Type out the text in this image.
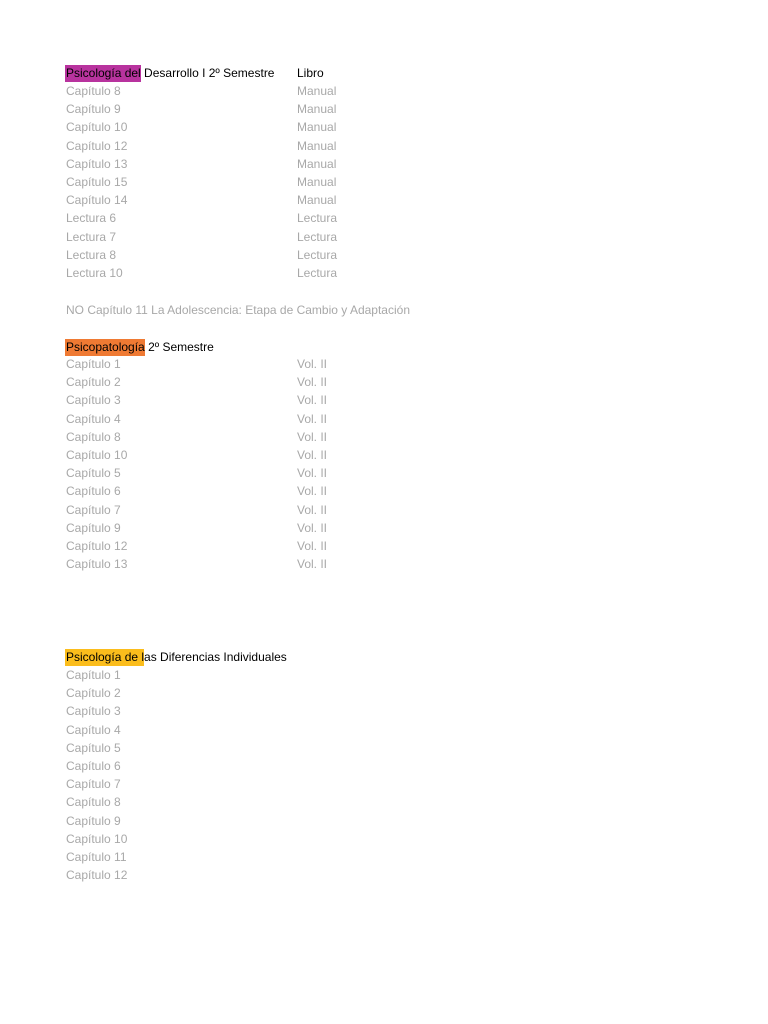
Psicología del Desarrollo I 2º Semestre Libro
Capítulo 8	Manual
Capítulo 9	Manual
Capítulo 10	Manual
Capítulo 12	Manual
Capítulo 13	Manual
Capítulo 15	Manual
Capítulo 14	Manual
Lectura 6	Lectura
Lectura 7	Lectura
Lectura 8	Lectura
Lectura 10	Lectura
NO Capítulo 11 La Adolescencia: Etapa de Cambio y Adaptación
Psicopatología 2º Semestre
Capítulo 1	Vol. II
Capítulo 2	Vol. II
Capítulo 3	Vol. II
Capítulo 4	Vol. II
Capítulo 8	Vol. II
Capítulo 10	Vol. II
Capítulo 5	Vol. II
Capítulo 6	Vol. II
Capítulo 7	Vol. II
Capítulo 9	Vol. II
Capítulo 12	Vol. II
Capítulo 13	Vol. II
Psicología de las Diferencias Individuales
Capítulo 1
Capítulo 2
Capítulo 3
Capítulo 4
Capítulo 5
Capítulo 6
Capítulo 7
Capítulo 8
Capítulo 9
Capítulo 10
Capítulo 11
Capítulo 12
